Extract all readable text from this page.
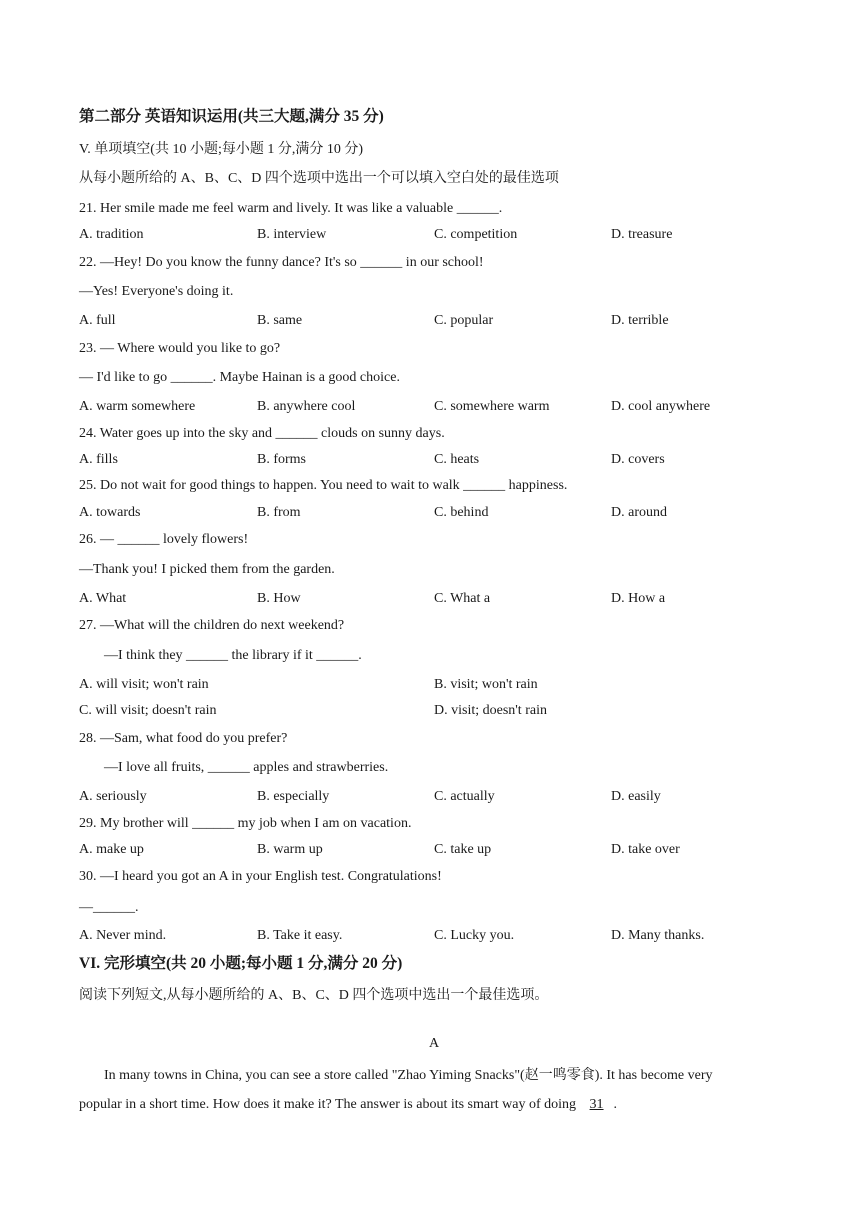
第二部分 英语知识运用(共三大题,满分 35 分)
V. 单项填空(共 10 小题;每小题 1 分,满分 10 分)
从每小题所给的 A、B、C、D 四个选项中选出一个可以填入空白处的最佳选项
21. Her smile made me feel warm and lively. It was like a valuable ______.
A. tradition	B. interview	C. competition	D. treasure
22. —Hey! Do you know the funny dance? It's so ______ in our school!
—Yes! Everyone's doing it.
A. full	B. same	C. popular	D. terrible
23. — Where would you like to go?
— I'd like to go ______. Maybe Hainan is a good choice.
A. warm somewhere	B. anywhere cool	C. somewhere warm	D. cool anywhere
24. Water goes up into the sky and ______ clouds on sunny days.
A. fills	B. forms	C. heats	D. covers
25. Do not wait for good things to happen. You need to wait to walk ______ happiness.
A. towards	B. from	C. behind	D. around
26. — ______ lovely flowers!
—Thank you! I picked them from the garden.
A. What	B. How	C. What a	D. How a
27. —What will the children do next weekend?
—I think they ______ the library if it ______.
A. will visit; won't rain	B. visit; won't rain
C. will visit; doesn't rain	D. visit; doesn't rain
28. —Sam, what food do you prefer?
—I love all fruits, ______ apples and strawberries.
A. seriously	B. especially	C. actually	D. easily
29. My brother will ______ my job when I am on vacation.
A. make up	B. warm up	C. take up	D. take over
30. —I heard you got an A in your English test. Congratulations!
—______.
A. Never mind.	B. Take it easy.	C. Lucky you.	D. Many thanks.
VI. 完形填空(共 20 小题;每小题 1 分,满分 20 分)
阅读下列短文,从每小题所给的 A、B、C、D 四个选项中选出一个最佳选项。
A
In many towns in China, you can see a store called "Zhao Yiming Snacks"(赵一鸣零食). It has become very
popular in a short time. How does it make it? The answer is about its smart way of doing 31 .
